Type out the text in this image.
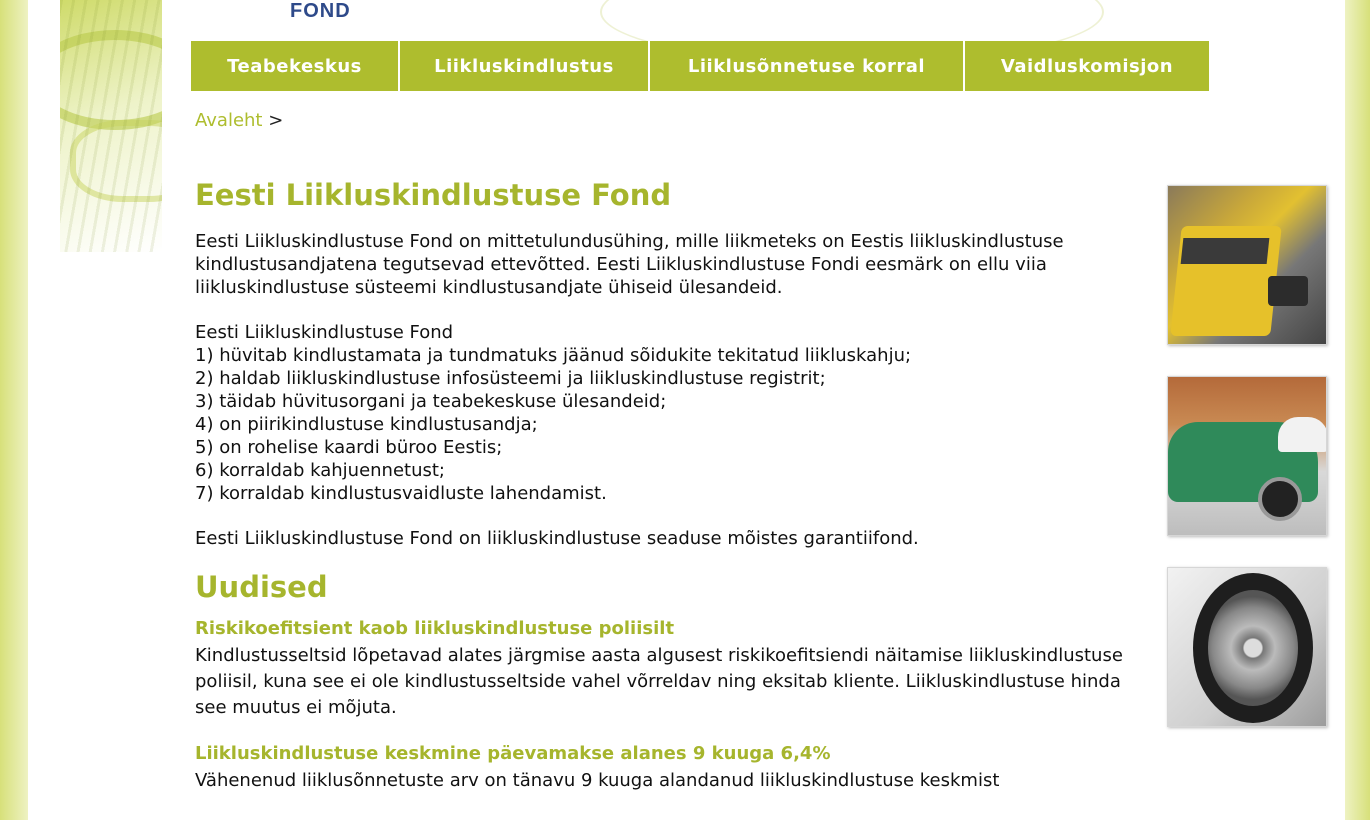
FOND
Teabekeskus	Liikluskindlustus	Liiklusõnnetuse korral	Vaidluskomisjon
Avaleht >
Eesti Liikluskindlustuse Fond

Eesti Liikluskindlustuse Fond on mittetulundusühing, mille liikmeteks on Eestis liikluskindlustuse kindlustusandjatena tegutsevad ettevõtted. Eesti Liikluskindlustuse Fondi eesmärk on ellu viia liikluskindlustuse süsteemi kindlustusandjate ühiseid ülesandeid.

Eesti Liikluskindlustuse Fond

1) hüvitab kindlustamata ja tundmatuks jäänud sõidukite tekitatud liikluskahju;

2) haldab liikluskindlustuse infosüsteemi ja liikluskindlustuse registrit;

3) täidab hüvitusorgani ja teabekeskuse ülesandeid;

4) on piirikindlustuse kindlustusandja;

5) on rohelise kaardi büroo Eestis;

6) korraldab kahjuennetust;

7) korraldab kindlustusvaidluste lahendamist.

Eesti Liikluskindlustuse Fond on liikluskindlustuse seaduse mõistes garantiifond.

Uudised
Riskikoefitsient kaob liikluskindlustuse poliisilt

Kindlustusseltsid lõpetavad alates järgmise aasta algusest riskikoefitsiendi näitamise liikluskindlustuse poliisil, kuna see ei ole kindlustusseltside vahel võrreldav ning eksitab kliente. Liikluskindlustuse hinda see muutus ei mõjuta.

Liikluskindlustuse keskmine päevamakse alanes 9 kuuga 6,4%

Vähenenud liiklusõnnetuste arv on tänavu 9 kuuga alandanud liikluskindlustuse keskmist
